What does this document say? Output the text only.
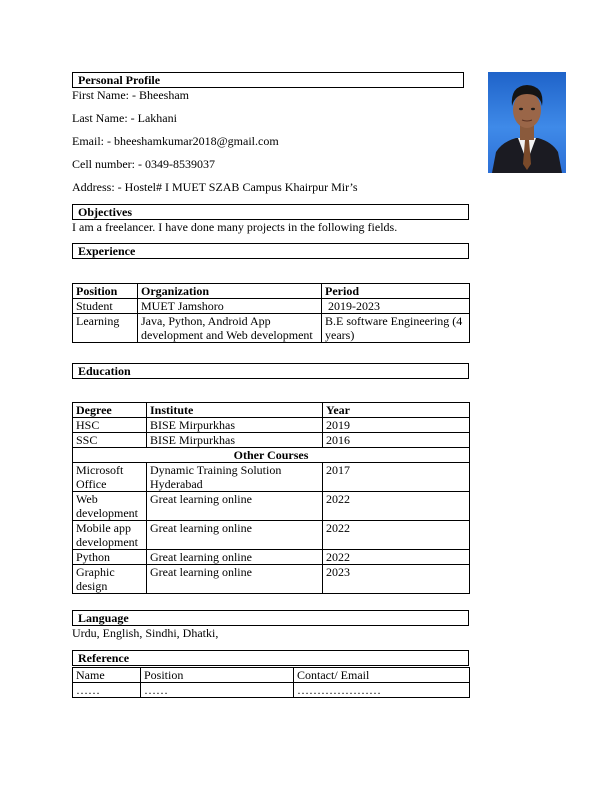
Personal Profile
First Name: - Bheesham
Last Name: - Lakhani
Email: - bheeshamkumar2018@gmail.com
Cell number: - 0349-8539037
Address: - Hostel# I MUET SZAB Campus Khairpur Mir’s
Objectives
I am a freelancer. I have done many projects in the following fields.
Experience
Position	Organization	Period
Student	MUET Jamshoro	2019-2023
Learning	Java, Python, Android App development and Web development	B.E software Engineering (4 years)
Education
Degree	Institute	Year
HSC	BISE Mirpurkhas	2019
SSC	BISE Mirpurkhas	2016
Other Courses		
Microsoft Office	Dynamic Training Solution Hyderabad	2017
Web development	Great learning online	2022
Mobile app development	Great learning online	2022
Python	Great learning online	2022
Graphic design	Great learning online	2023
Language
Urdu, English, Sindhi, Dhatki,
Reference
Name	Position	Contact/ Email
……	……	…………………
